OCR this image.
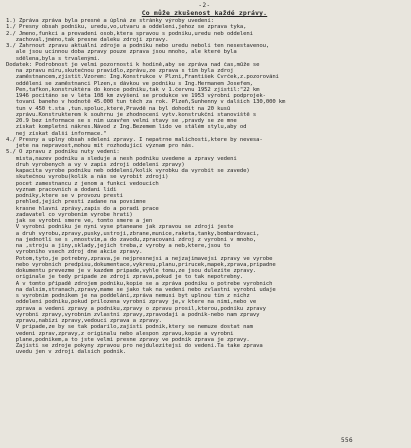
-2-
Co může zkušenost každé zprávy.
1.) Zpráva zpráva byla presné a úplná ze stránky výroby uvedení:
1./ Presny obsah podniku, uredu,vo,utvaru a oddeleni,jehoz se zprava tyka,
2./ Jmeno,funkci a prevadeni osob,ktera spravou s podniku,uredu neb oddeleni
zachoval,jméno,tak presne daleku zdroji zpravy.
3./ Zahrnout zpravu aktuální zdroje a podniku nebo uredu neboli ten nesestavenou,
ale jsou ucinnou doba zpravy pouze zprava jsou mnoho, ale které byla
sdělena,byla s trvalenými.
Dodatek: Podrobnost je velmi pozornosti k hodině,aby se zpráva nad čas,může se
na zpravu miru,skutečnou pravidlo,zprávu,ze zprava s tím byla zdroj
zaměstnancem,zjistit.Vzorem: Ing.Konstrukce v Plzni,František Cvrček,z.pozorování
oddělení se zaměstnanci Plzen,s dávkou ve podniku s Ing.Hermanem Josefem,
Pen,tafkon,konstruktéra do konce podniku,tak v 1.červnu 1952 zjistil:"22 km
1946 pocítáno se v léta 108 km zvýšení se produkce ve 1953 výrobní podprojek-
tovaní baneho v hodnotě 45.000 tun těch za rok. Plzeň,Sunhenny v dalších 130,000 km
tun v 450 t.sta ,tun.spoluc,které,Pravdě na byl dohodit na 20 kusů
zprávu.Konstrukterem k souhrnu je zhodnocení vytv.konstrukční stanoviště s
20.9 bez informace se s nim uzavřen velmi stavy se ,pravdy se ze mne
získat kompletní nákres.Návod z Ing.Bezemem lido ve stálém stylu,aby od
nej získat další informace."
4./ Presny a uplny obsah sdeleni zpravy. I nepatrne malichosti,ktere by nevesa-
jete na nepravost,mohou mít rozhodující význam pro nás.
5./ O zpravu z podniku nuty vedeni:
mista,nazev podniku a sleduje a nesh podniku uvedene a zpravy vedeni
druh vyrobenych a vy v zapis zdroji oddeleni zpravy)
kapacita vyrobe podniku neb oddeleni/kolik vyrobku da vyrobit se zavede)
skutečnou vyrobu(kolik a nás se vyrobit zdroji)
pocet zamestnancu z jenom a funkcí vedoucích
vyznam pracovnich a dodani lidi
podniky,ktere se v provozu presti
prehled,jejich presti zadane na povsimne
krasne hlavni zprávy,zapis do a poradi prace
zadavatel co vyrobenim vyrobe hrati)
jak se vyrobni smere ve, tomto smere a jen
V vyrobni podniku je nyni vyse ptaneane jak zpravou se zdroji jeste
a druh vyrobu,zpravy,pusky,ustroji,zbrane,munice,raketa,tanky,bombardovaci,
na jednotli se s ,mnostvim,a do zavodu,zpracovani zdroj z vyrobni v mnoho,
na ,stroju a jiny,sklady,jejich treba,z vyroby a neb,ktere,jsou to
vyrobniho vsech zdroj dne akcie zpravy.
Potom,tyto,je potrebny,zprava,je nejpresnejsi a nejzajimavejsi zpravy ve vyrobe
nebo vyrobnich predpisu,dokumentace,vykresu,planu,prirucek,mapek,zprava,pripadne
dokumentu prevezme je v kazdem pripade,vyhle tomu,ze jsou dulezite zpravy.
originale je tedy pripade ze zdroji zprava,pokud je to tak nepotrebny.
A v tomto případě zdrojem podniku,kopie se a zpráva podniku o potrebe vyrobnich
na dalsim,stranach,zpravy,mame se jako tak na vedení nebo zvlastni vyrobni udaje
s vyrobnim podnikem je na poddelání,zpráva nemusi byt uplnou tím z nichz
oddeleni podniku,pokud prilozena vyrobni zpravy je,v ktere na nimi,nebo ve
zprava a vedeni zpravy a podniku,zpravy o zpravu prosil,kterou,podniku zpravy
vyrobni zpravy,vyrobnim zvlastni zpravy,zpravodaji a podnik-nebo nam zpravy
zpravu,nabizi zpravy,vedouci zprava a zpravy.
V pripade,ze by se tak podarilo,zajisti podnik,ktery se nemuze dostat nam
vedeni zprav,zpravy,z originalu nebo alespon zpravu,kopie a vyrobni
plane,podnikem,a to jste velmi presne zpravy ve podnik zprava je zpravy.
Zajisti se zdroje pokyny zpravou pro nejdulezitejsi do vedeni.Ta take zprava
uvedu jen v zdroji dalsich podnik.
556
